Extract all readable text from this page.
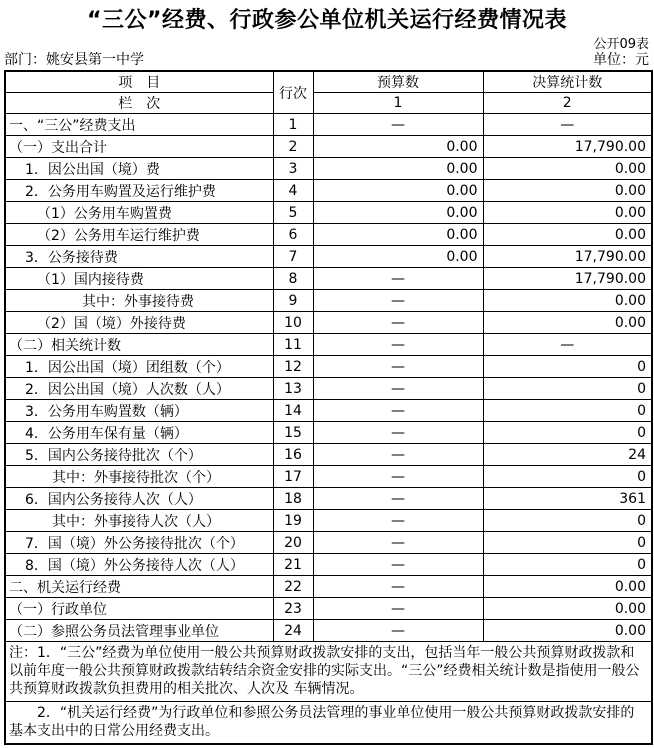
“三公”经费、行政参公单位机关运行经费情况表
公开09表
部门：姚安县第一中学	单位：元
项　目	行次	预算数	决算统计数
栏　次		1	2
一、“三公”经费支出	1	—	—
（一）支出合计	2	0.00	17,790.00
1．因公出国（境）费	3	0.00	0.00
2．公务用车购置及运行维护费	4	0.00	0.00
（1）公务用车购置费	5	0.00	0.00
（2）公务用车运行维护费	6	0.00	0.00
3．公务接待费	7	0.00	17,790.00
（1）国内接待费	8	—	17,790.00
其中：外事接待费	9	—	0.00
（2）国（境）外接待费	10	—	0.00
（二）相关统计数	11	—	—
1．因公出国（境）团组数（个）	12	—	0
2．因公出国（境）人次数（人）	13	—	0
3．公务用车购置数（辆）	14	—	0
4．公务用车保有量（辆）	15	—	0
5．国内公务接待批次（个）	16	—	24
其中：外事接待批次（个）	17	—	0
6．国内公务接待人次（人）	18	—	361
其中：外事接待人次（人）	19	—	0
7．国（境）外公务接待批次（个）	20	—	0
8．国（境）外公务接待人次（人）	21	—	0
二、机关运行经费	22	—	0.00
（一）行政单位	23	—	0.00
（二）参照公务员法管理事业单位	24	—	0.00

注：1．“三公”经费为单位使用一般公共预算财政拨款安排的支出，包括当年一般公共预算财政拨款和以前年度一般公共预算财政拨款结转结余资金安排的实际支出。“三公”经费相关统计数是指使用一般公共预算财政拨款负担费用的相关批次、人次及 车辆情况。			

2．“机关运行经费”为行政单位和参照公务员法管理的事业单位使用一般公共预算财政拨款安排的基本支出中的日常公用经费支出。			
